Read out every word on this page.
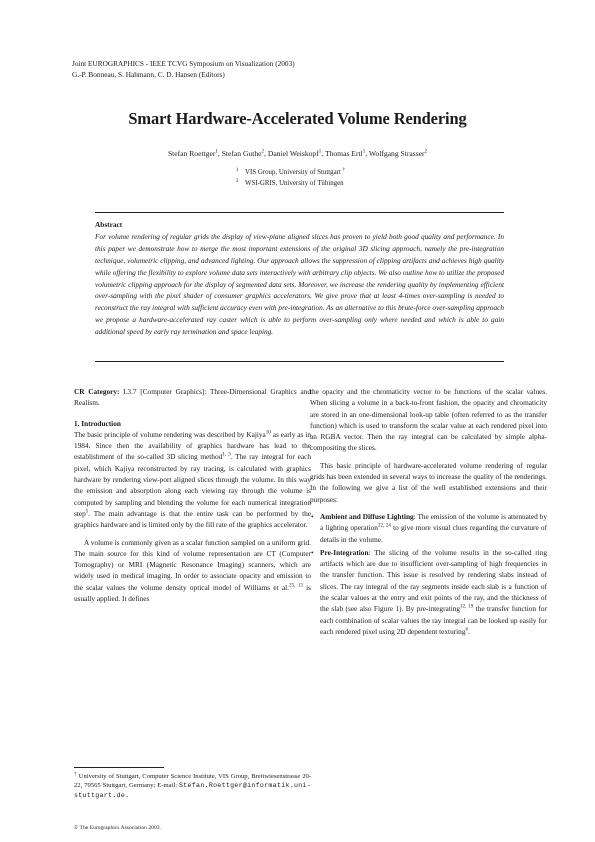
Joint EUROGRAPHICS - IEEE TCVG Symposium on Visualization (2003)
G.-P. Bonneau, S. Hahmann, C. D. Hansen (Editors)
Smart Hardware-Accelerated Volume Rendering
Stefan Roettger$^1$, Stefan Guthe$^2$, Daniel Weiskopf$^1$, Thomas Ertl$^1$, Wolfgang Strasser$^2$
$^1$ VIS Group, University of Stuttgart †
$^2$ WSI-GRIS, University of Tübingen
Abstract

For volume rendering of regular grids the display of view-plane aligned slices has proven to yield both good quality and performance. In this paper we demonstrate how to merge the most important extensions of the original 3D slicing approach, namely the pre-integration technique, volumetric clipping, and advanced lighting. Our approach allows the suppression of clipping artifacts and achieves high quality while offering the flexibility to explore volume data sets interactively with arbitrary clip objects. We also outline how to utilize the proposed volumetric clipping approach for the display of segmented data sets. Moreover, we increase the rendering quality by implementing efficient over-sampling with the pixel shader of consumer graphics accelerators. We give prove that at least 4-times over-sampling is needed to reconstruct the ray integral with sufficient accuracy even with pre-integration. As an alternative to this brute-force over-sampling approach we propose a hardware-accelerated ray caster which is able to perform over-sampling only where needed and which is able to gain additional speed by early ray termination and space leaping.

CR Category: I.3.7 [Computer Graphics]: Three-Dimensional Graphics and Realism.

1. Introduction

The basic principle of volume rendering was described by Kajiya$^{10}$ as early as in 1984. Since then the availability of graphics hardware has lead to the establishment of the so-called 3D slicing method$^{1, 3}$. The ray integral for each pixel, which Kajiya reconstructed by ray tracing, is calculated with graphics hardware by rendering view-port aligned slices through the volume. In this way the emission and absorption along each viewing ray through the volume is computed by sampling and blending the volume for each numerical integration step$^5$. The main advantage is that the entire task can be performed by the graphics hardware and is limited only by the fill rate of the graphics accelerator.

A volume is commonly given as a scalar function sampled on a uniform grid. The main source for this kind of volume representation are CT (Computer Tomography) or MRI (Magnetic Resonance Imaging) scanners, which are widely used in medical imaging. In order to associate opacity and emission to the scalar values the volume density optical model of Williams et al.$^{25, 13}$ is usually applied. It defines

the opacity and the chromaticity vector to be functions of the scalar values. When slicing a volume in a back-to-front fashion, the opacity and chromaticity are stored in an one-dimensional look-up table (often referred to as the transfer function) which is used to transform the scalar value at each rendered pixel into an RGBA vector. Then the ray integral can be calculated by simple alpha-compositing the slices.

This basic principle of hardware-accelerated volume rendering of regular grids has been extended in several ways to increase the quality of the renderings. In the following we give a list of the well established extensions and their purposes:

• Ambient and Diffuse Lighting: The emission of the volume is attenuated by a lighting operation$^{22, 24}$ to give more visual clues regarding the curvature of details in the volume.
• Pre-Integration: The slicing of the volume results in the so-called ring artifacts which are due to insufficient over-sampling of high frequencies in the transfer function. This issue is resolved by rendering slabs instead of slices. The ray integral of the ray segments inside each slab is a function of the scalar values at the entry and exit points of the ray, and the thickness of the slab (see also Figure 1). By pre-integrating$^{12, 19}$ the transfer function for each combination of scalar values the ray integral can be looked up easily for each rendered pixel using 2D dependent texturing$^6$.
† University of Stuttgart, Computer Science Institute, VIS Group, Breitwiesenstrasse 20-22, 70565 Stuttgart, Germany; E-mail: Stefan.Roettger@informatik.uni-stuttgart.de.
© The Eurographics Association 2003.
